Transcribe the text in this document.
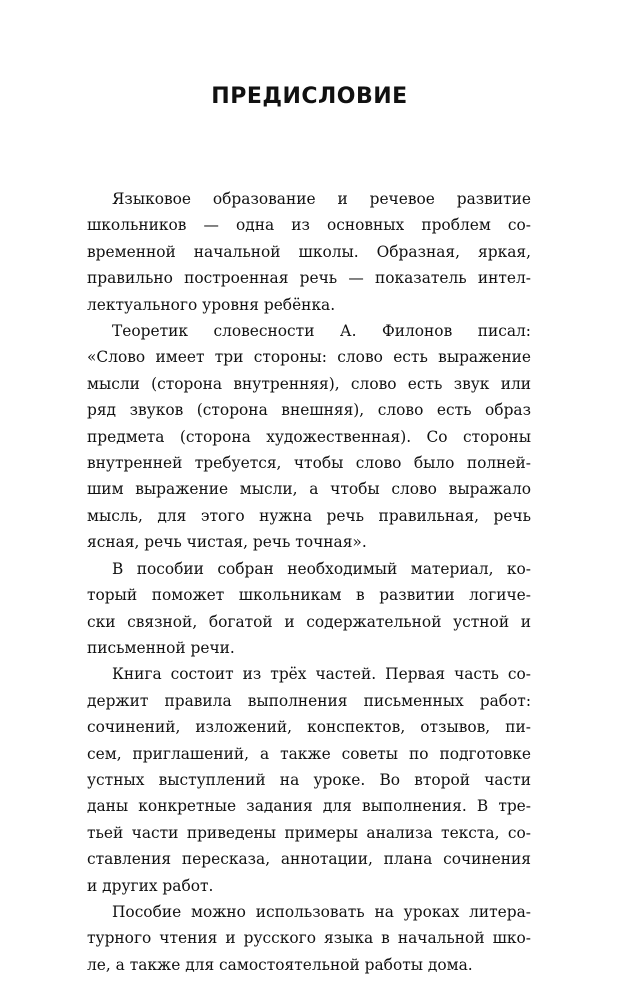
ПРЕДИСЛОВИЕ

Языковое образование и речевое развитие
школьников — одна из основных проблем со-
временной начальной школы. Образная, яркая,
правильно построенная речь — показатель интел-
лектуального уровня ребёнка.

Теоретик словесности А. Филонов писал:
«Слово имеет три стороны: слово есть выражение
мысли (сторона внутренняя), слово есть звук или
ряд звуков (сторона внешняя), слово есть образ
предмета (сторона художественная). Со стороны
внутренней требуется, чтобы слово было полней-
шим выражение мысли, а чтобы слово выражало
мысль, для этого нужна речь правильная, речь
ясная, речь чистая, речь точная».

В пособии собран необходимый материал, ко-
торый поможет школьникам в развитии логиче-
ски связной, богатой и содержательной устной и
письменной речи.

Книга состоит из трёх частей. Первая часть со-
держит правила выполнения письменных работ:
сочинений, изложений, конспектов, отзывов, пи-
сем, приглашений, а также советы по подготовке
устных выступлений на уроке. Во второй части
даны конкретные задания для выполнения. В тре-
тьей части приведены примеры анализа текста, со-
ставления пересказа, аннотации, плана сочинения
и других работ.

Пособие можно использовать на уроках литера-
турного чтения и русского языка в начальной шко-
ле, а также для самостоятельной работы дома.
